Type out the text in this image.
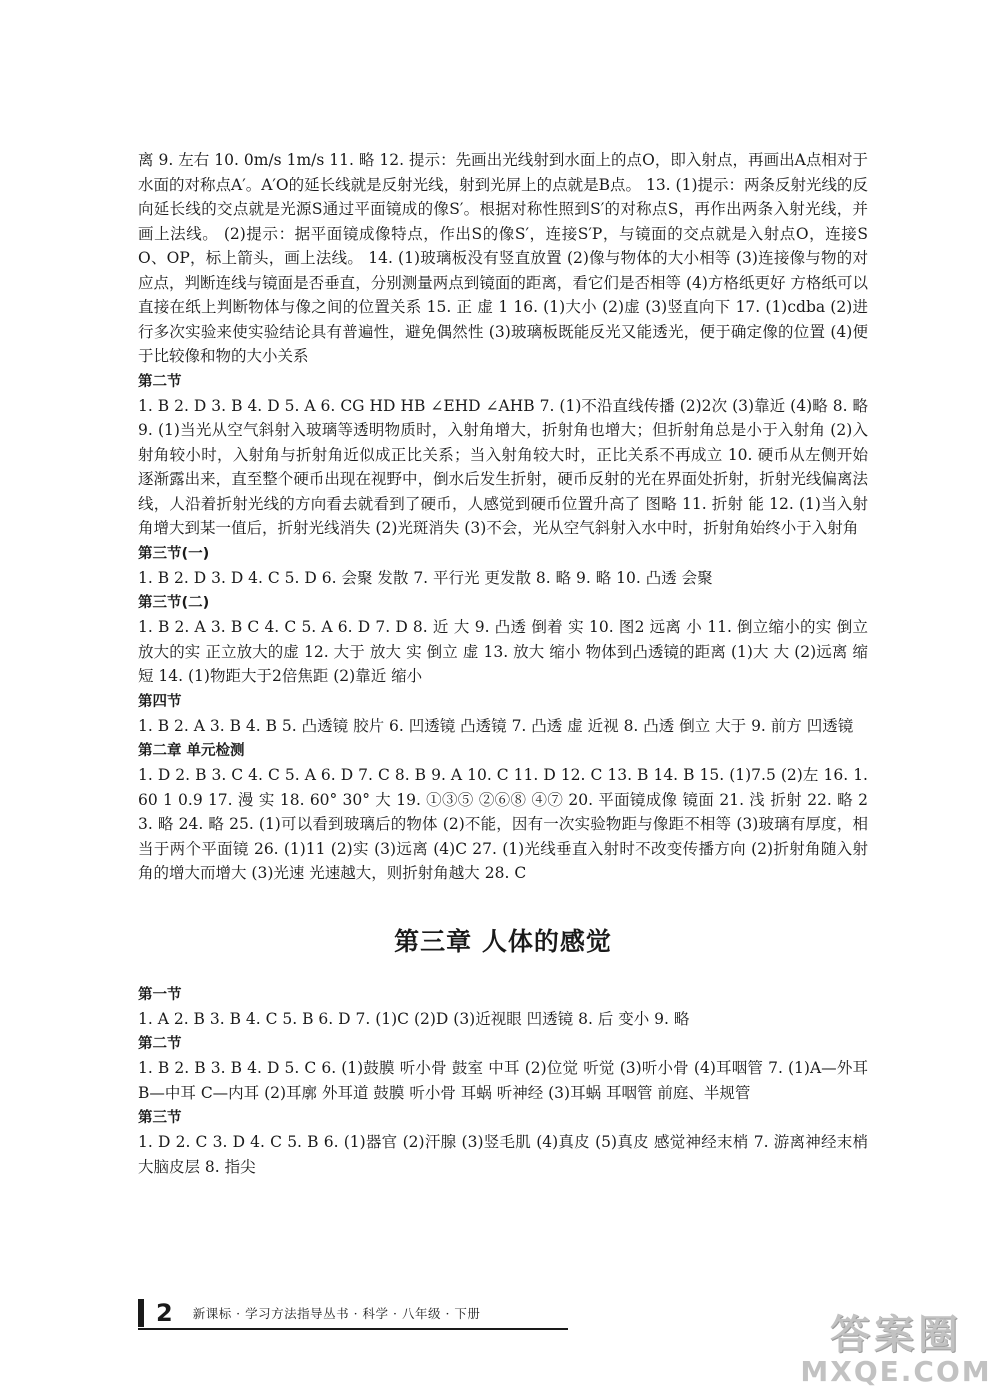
离 9. 左右 10. 0m/s 1m/s 11. 略 12. 提示：先画出光线射到水面上的点O，即入射点，再画出A点相对于水面的对称点A′。A′O的延长线就是反射光线，射到光屏上的点就是B点。 13. (1)提示：两条反射光线的反向延长线的交点就是光源S通过平面镜成的像S′。根据对称性照到S′的对称点S，再作出两条入射光线，并画上法线。 (2)提示：据平面镜成像特点，作出S的像S′，连接S′P，与镜面的交点就是入射点O，连接SO、OP，标上箭头，画上法线。 14. (1)玻璃板没有竖直放置 (2)像与物体的大小相等 (3)连接像与物的对应点，判断连线与镜面是否垂直，分别测量两点到镜面的距离，看它们是否相等 (4)方格纸更好 方格纸可以直接在纸上判断物体与像之间的位置关系 15. 正 虚 1 16. (1)大小 (2)虚 (3)竖直向下 17. (1)cdba (2)进行多次实验来使实验结论具有普遍性，避免偶然性 (3)玻璃板既能反光又能透光，便于确定像的位置 (4)便于比较像和物的大小关系

第二节

1. B 2. D 3. B 4. D 5. A 6. CG HD HB ∠EHD ∠AHB 7. (1)不沿直线传播 (2)2次 (3)靠近 (4)略 8. 略 9. (1)当光从空气斜射入玻璃等透明物质时，入射角增大，折射角也增大；但折射角总是小于入射角 (2)入射角较小时，入射角与折射角近似成正比关系；当入射角较大时，正比关系不再成立 10. 硬币从左侧开始逐渐露出来，直至整个硬币出现在视野中，倒水后发生折射，硬币反射的光在界面处折射，折射光线偏离法线，人沿着折射光线的方向看去就看到了硬币，人感觉到硬币位置升高了 图略 11. 折射 能 12. (1)当入射角增大到某一值后，折射光线消失 (2)光斑消失 (3)不会，光从空气斜射入水中时，折射角始终小于入射角

第三节(一)

1. B 2. D 3. D 4. C 5. D 6. 会聚 发散 7. 平行光 更发散 8. 略 9. 略 10. 凸透 会聚

第三节(二)

1. B 2. A 3. B C 4. C 5. A 6. D 7. D 8. 近 大 9. 凸透 倒着 实 10. 图2 远离 小 11. 倒立缩小的实 倒立放大的实 正立放大的虚 12. 大于 放大 实 倒立 虚 13. 放大 缩小 物体到凸透镜的距离 (1)大 大 (2)远离 缩短 14. (1)物距大于2倍焦距 (2)靠近 缩小

第四节

1. B 2. A 3. B 4. B 5. 凸透镜 胶片 6. 凹透镜 凸透镜 7. 凸透 虚 近视 8. 凸透 倒立 大于 9. 前方 凹透镜

第二章 单元检测

1. D 2. B 3. C 4. C 5. A 6. D 7. C 8. B 9. A 10. C 11. D 12. C 13. B 14. B 15. (1)7.5 (2)左 16. 1.60 1 0.9 17. 漫 实 18. 60° 30° 大 19. ①③⑤ ②⑥⑧ ④⑦ 20. 平面镜成像 镜面 21. 浅 折射 22. 略 23. 略 24. 略 25. (1)可以看到玻璃后的物体 (2)不能，因有一次实验物距与像距不相等 (3)玻璃有厚度，相当于两个平面镜 26. (1)11 (2)实 (3)远离 (4)C 27. (1)光线垂直入射时不改变传播方向 (2)折射角随入射角的增大而增大 (3)光速 光速越大，则折射角越大 28. C

第三章 人体的感觉
第一节

1. A 2. B 3. B 4. C 5. B 6. D 7. (1)C (2)D (3)近视眼 凹透镜 8. 后 变小 9. 略

第二节

1. B 2. B 3. B 4. D 5. C 6. (1)鼓膜 听小骨 鼓室 中耳 (2)位觉 听觉 (3)听小骨 (4)耳咽管 7. (1)A—外耳 B—中耳 C—内耳 (2)耳廓 外耳道 鼓膜 听小骨 耳蜗 听神经 (3)耳蜗 耳咽管 前庭、半规管

第三节

1. D 2. C 3. D 4. C 5. B 6. (1)器官 (2)汗腺 (3)竖毛肌 (4)真皮 (5)真皮 感觉神经末梢 7. 游离神经末梢 大脑皮层 8. 指尖

2 新课标 · 学习方法指导丛书 · 科学 · 八年级 · 下册	答案圈
MXQE.COM
